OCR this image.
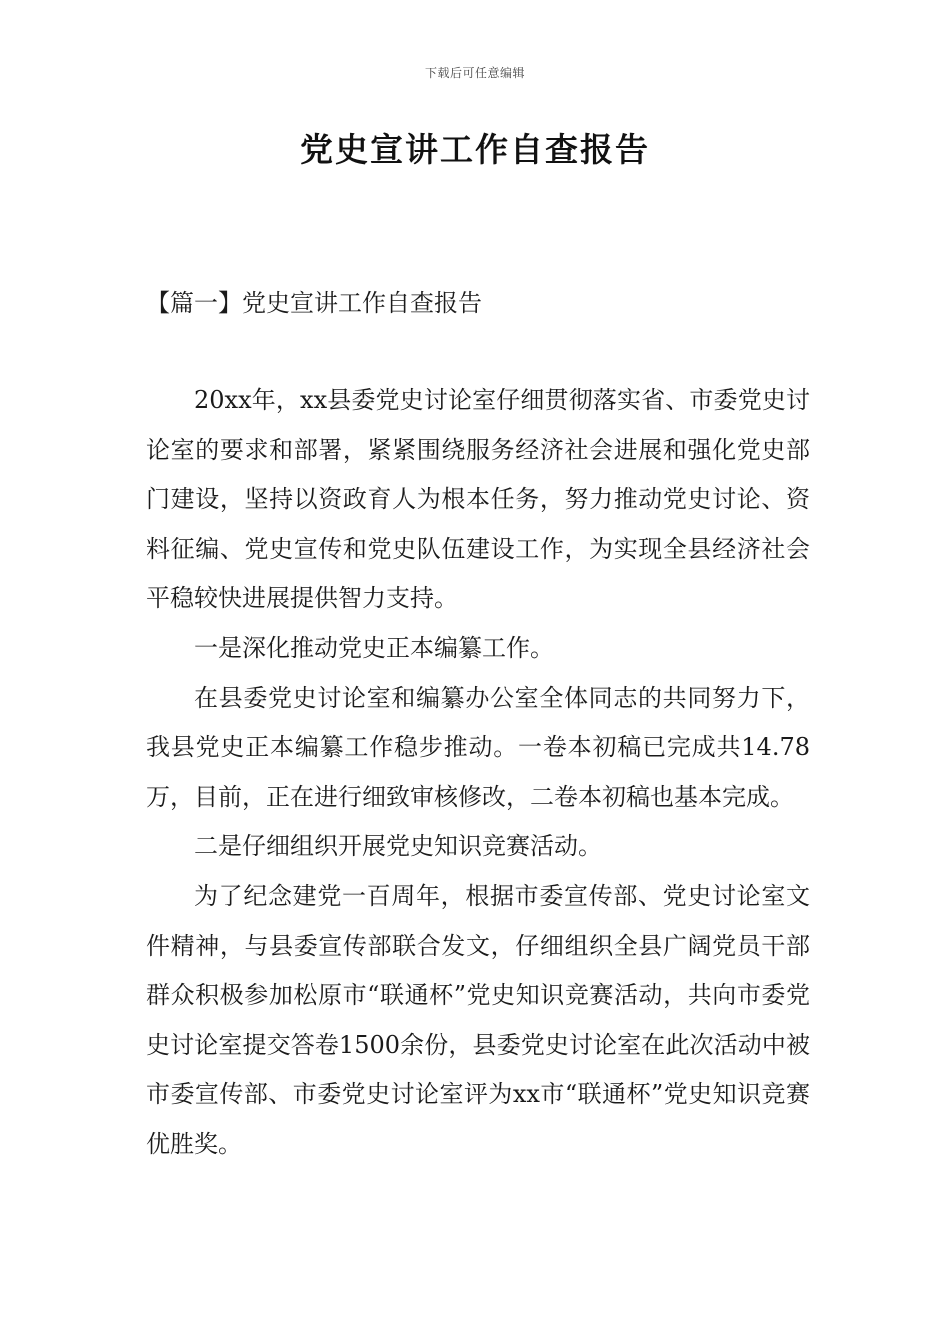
下载后可任意编辑
党史宣讲工作自查报告
【篇一】党史宣讲工作自查报告

20xx年，xx县委党史讨论室仔细贯彻落实省、市委党史讨论室的要求和部署，紧紧围绕服务经济社会进展和强化党史部门建设，坚持以资政育人为根本任务，努力推动党史讨论、资料征编、党史宣传和党史队伍建设工作，为实现全县经济社会平稳较快进展提供智力支持。

一是深化推动党史正本编纂工作。

在县委党史讨论室和编纂办公室全体同志的共同努力下，我县党史正本编纂工作稳步推动。一卷本初稿已完成共14.78万，目前，正在进行细致审核修改，二卷本初稿也基本完成。

二是仔细组织开展党史知识竞赛活动。

为了纪念建党一百周年，根据市委宣传部、党史讨论室文件精神，与县委宣传部联合发文，仔细组织全县广阔党员干部群众积极参加松原市“联通杯”党史知识竞赛活动，共向市委党史讨论室提交答卷1500余份，县委党史讨论室在此次活动中被市委宣传部、市委党史讨论室评为xx市“联通杯”党史知识竞赛优胜奖。
